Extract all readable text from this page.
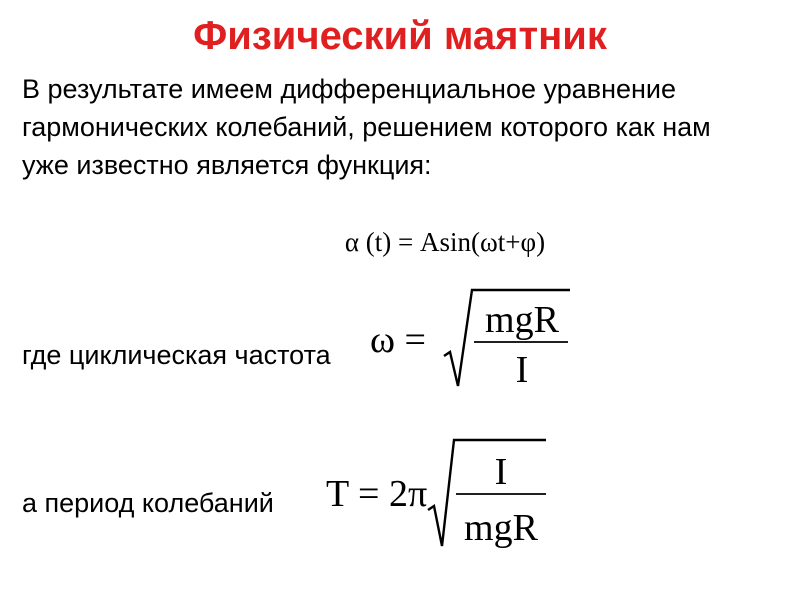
Физический маятник
В результате имеем дифференциальное уравнение
гармонических колебаний, решением которого как нам
уже известно является функция:
α (t) = Asin(ωt+φ)
где циклическая частота ω = mgR
I
а период колебаний T = 2π
I
mgR
